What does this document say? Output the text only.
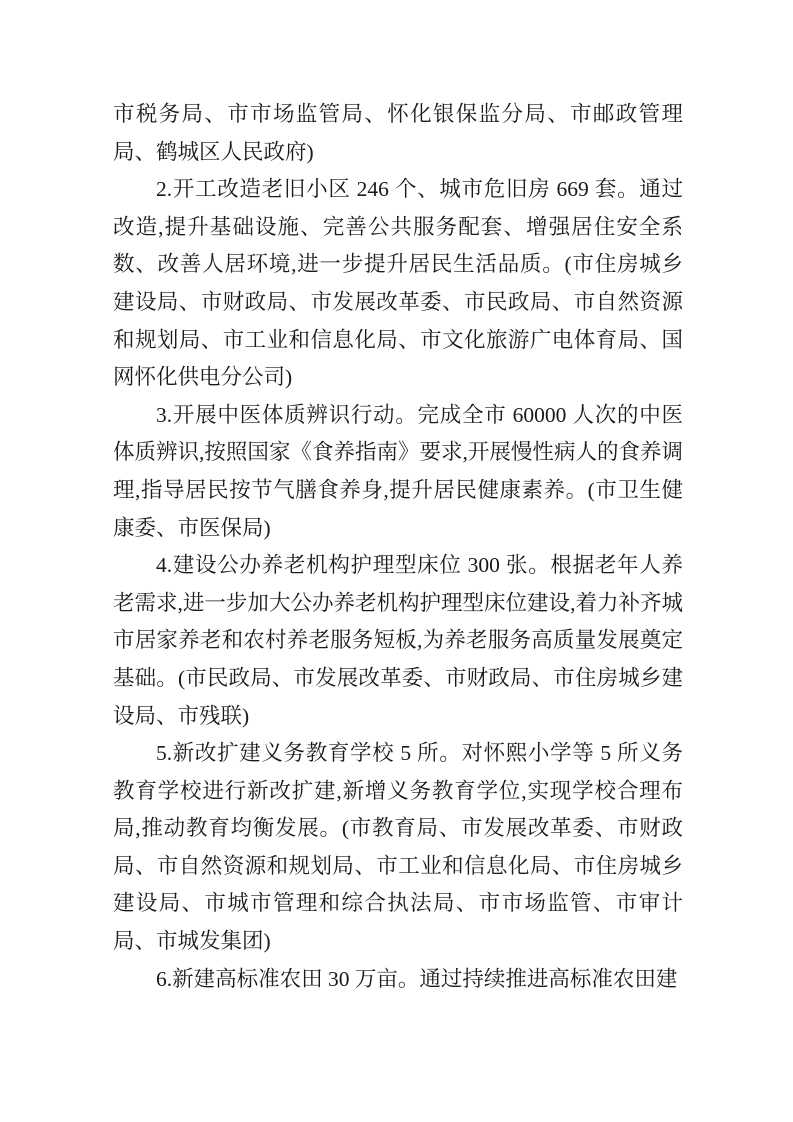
市税务局、市市场监管局、怀化银保监分局、市邮政管理局、鹤城区人民政府)

2.开工改造老旧小区 246 个、城市危旧房 669 套。通过改造,提升基础设施、完善公共服务配套、增强居住安全系数、改善人居环境,进一步提升居民生活品质。(市住房城乡建设局、市财政局、市发展改革委、市民政局、市自然资源和规划局、市工业和信息化局、市文化旅游广电体育局、国网怀化供电分公司)

3.开展中医体质辨识行动。完成全市 60000 人次的中医体质辨识,按照国家《食养指南》要求,开展慢性病人的食养调理,指导居民按节气膳食养身,提升居民健康素养。(市卫生健康委、市医保局)

4.建设公办养老机构护理型床位 300 张。根据老年人养老需求,进一步加大公办养老机构护理型床位建设,着力补齐城市居家养老和农村养老服务短板,为养老服务高质量发展奠定基础。(市民政局、市发展改革委、市财政局、市住房城乡建设局、市残联)

5.新改扩建义务教育学校 5 所。对怀熙小学等 5 所义务教育学校进行新改扩建,新增义务教育学位,实现学校合理布局,推动教育均衡发展。(市教育局、市发展改革委、市财政局、市自然资源和规划局、市工业和信息化局、市住房城乡建设局、市城市管理和综合执法局、市市场监管、市审计局、市城发集团)

6.新建高标准农田 30 万亩。通过持续推进高标准农田建
